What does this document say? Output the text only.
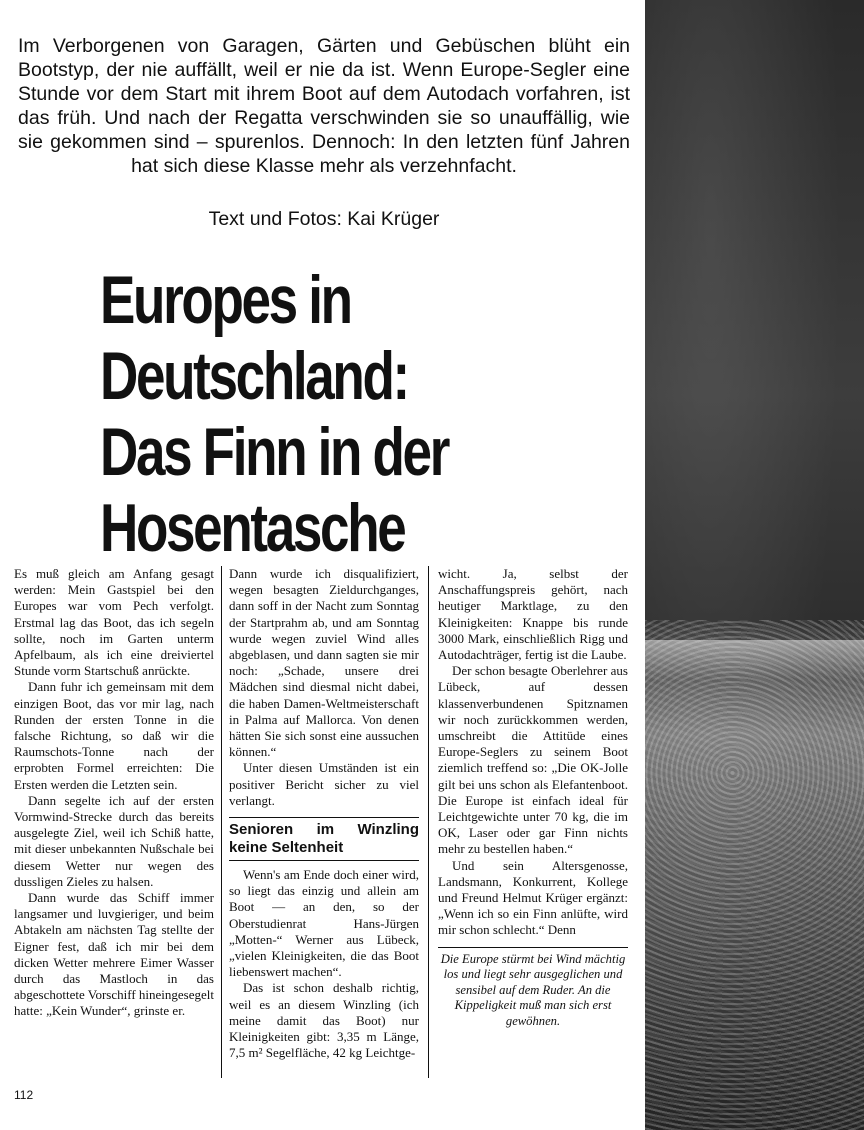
Im Verborgenen von Garagen, Gärten und Gebüschen blüht ein Bootstyp, der nie auffällt, weil er nie da ist. Wenn Europe-Segler eine Stunde vor dem Start mit ihrem Boot auf dem Autodach vorfahren, ist das früh. Und nach der Regatta verschwinden sie so unauffällig, wie sie gekommen sind – spurenlos. Dennoch: In den letzten fünf Jahren hat sich diese Klasse mehr als verzehnfacht.

Text und Fotos: Kai Krüger

Europes in
Deutschland:
Das Finn in der
Hosentasche

Es muß gleich am Anfang gesagt werden: Mein Gastspiel bei den Europes war vom Pech verfolgt. Erstmal lag das Boot, das ich segeln sollte, noch im Garten unterm Apfelbaum, als ich eine dreiviertel Stunde vorm Startschuß anrückte.

Dann fuhr ich gemeinsam mit dem einzigen Boot, das vor mir lag, nach Runden der ersten Tonne in die falsche Richtung, so daß wir die Raumschots-Tonne nach der erprobten Formel erreichten: Die Ersten werden die Letzten sein.

Dann segelte ich auf der ersten Vormwind-Strecke durch das bereits ausgelegte Ziel, weil ich Schiß hatte, mit dieser unbekannten Nußschale bei diesem Wetter nur wegen des dussligen Zieles zu halsen.

Dann wurde das Schiff immer langsamer und luvgieriger, und beim Abtakeln am nächsten Tag stellte der Eigner fest, daß ich mir bei dem dicken Wetter mehrere Eimer Wasser durch das Mastloch in das abgeschottete Vorschiff hineingesegelt hatte: „Kein Wunder“, grinste er.

Dann wurde ich disqualifiziert, wegen besagten Zieldurchganges, dann soff in der Nacht zum Sonntag der Startprahm ab, und am Sonntag wurde wegen zuviel Wind alles abgeblasen, und dann sagten sie mir noch: „Schade, unsere drei Mädchen sind diesmal nicht dabei, die haben Damen-Weltmeisterschaft in Palma auf Mallorca. Von denen hätten Sie sich sonst eine aussuchen können.“

Unter diesen Umständen ist ein positiver Bericht sicher zu viel verlangt.

Senioren im Winzling keine Seltenheit

Wenn's am Ende doch einer wird, so liegt das einzig und allein am Boot — an den, so der Oberstudienrat Hans-Jürgen „Motten-“ Werner aus Lübeck, „vielen Kleinigkeiten, die das Boot liebenswert machen“.

Das ist schon deshalb richtig, weil es an diesem Winzling (ich meine damit das Boot) nur Kleinigkeiten gibt: 3,35 m Länge, 7,5 m² Segelfläche, 42 kg Leichtge-

wicht. Ja, selbst der Anschaffungspreis gehört, nach heutiger Marktlage, zu den Kleinigkeiten: Knappe bis runde 3000 Mark, einschließlich Rigg und Autodachträger, fertig ist die Laube.

Der schon besagte Oberlehrer aus Lübeck, auf dessen klassenverbundenen Spitznamen wir noch zurückkommen werden, umschreibt die Attitüde eines Europe-Seglers zu seinem Boot ziemlich treffend so: „Die OK-Jolle gilt bei uns schon als Elefantenboot. Die Europe ist einfach ideal für Leichtgewichte unter 70 kg, die im OK, Laser oder gar Finn nichts mehr zu bestellen haben.“

Und sein Altersgenosse, Landsmann, Konkurrent, Kollege und Freund Helmut Krüger ergänzt: „Wenn ich so ein Finn anlüfte, wird mir schon schlecht.“ Denn

Die Europe stürmt bei Wind mächtig los und liegt sehr ausgeglichen und sensibel auf dem Ruder. An die Kippeligkeit muß man sich erst gewöhnen.
112
